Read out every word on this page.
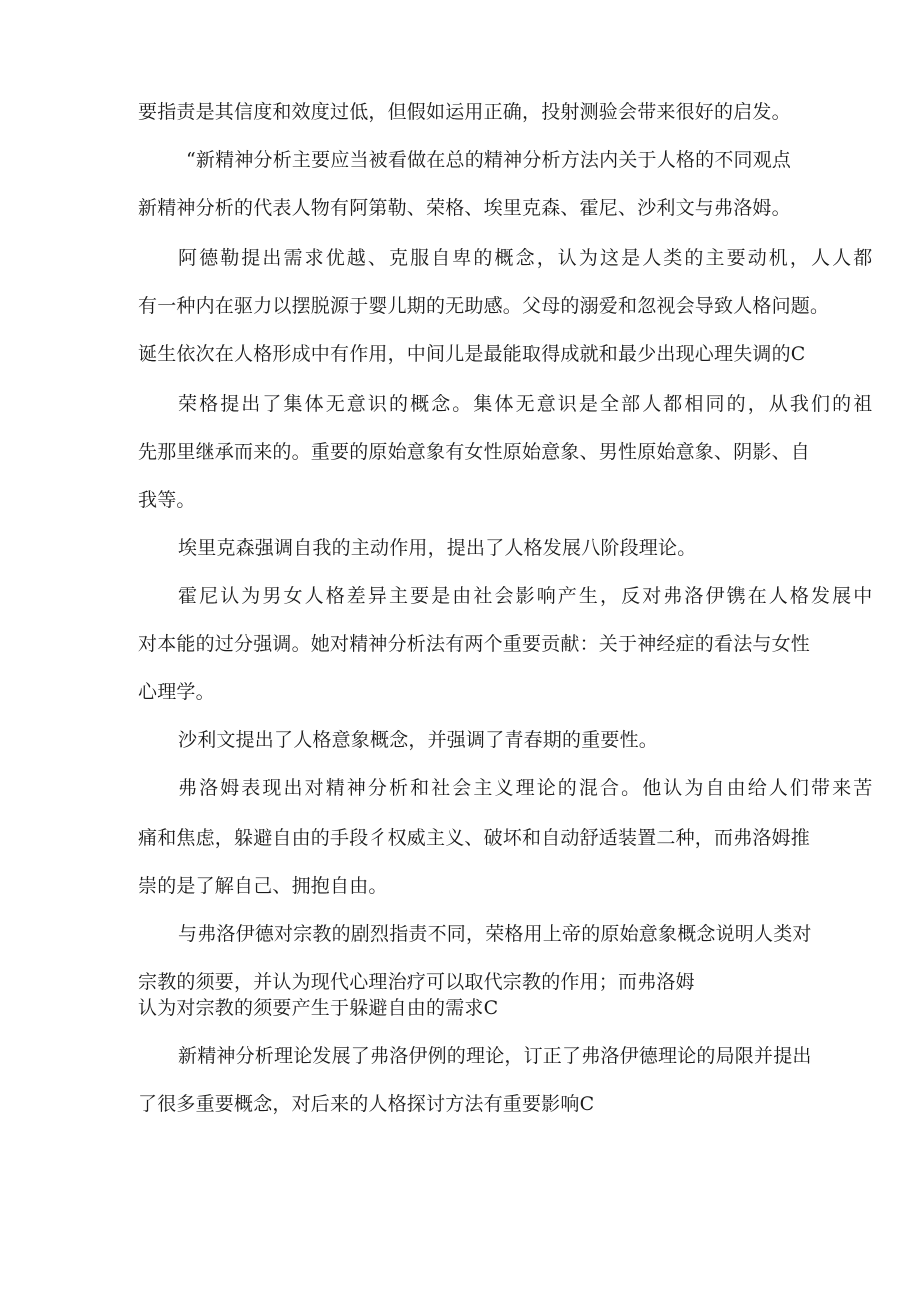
要指责是其信度和效度过低，但假如运用正确，投射测验会带来很好的启发。
“新精神分析主要应当被看做在总的精神分析方法内关于人格的不同观点
新精神分析的代表人物有阿第勒、荣格、埃里克森、霍尼、沙利文与弗洛姆。
阿德勒提出需求优越、克服自卑的概念，认为这是人类的主要动机，人人都
有一种内在驱力以摆脱源于婴儿期的无助感。父母的溺爱和忽视会导致人格问题。
诞生依次在人格形成中有作用，中间儿是最能取得成就和最少出现心理失调的C
荣格提出了集体无意识的概念。集体无意识是全部人都相同的，从我们的祖
先那里继承而来的。重要的原始意象有女性原始意象、男性原始意象、阴影、自
我等。
埃里克森强调自我的主动作用，提出了人格发展八阶段理论。
霍尼认为男女人格差异主要是由社会影响产生，反对弗洛伊镌在人格发展中
对本能的过分强调。她对精神分析法有两个重要贡献：关于神经症的看法与女性
心理学。
沙利文提出了人格意象概念，并强调了青春期的重要性。
弗洛姆表现出对精神分析和社会主义理论的混合。他认为自由给人们带来苦
痛和焦虑，躲避自由的手段彳权威主义、破坏和自动舒适装置二种，而弗洛姆推
崇的是了解自己、拥抱自由。
与弗洛伊德对宗教的剧烈指责不同，荣格用上帝的原始意象概念说明人类对
宗教的须要，并认为现代心理治疗可以取代宗教的作用；而弗洛姆
认为对宗教的须要产生于躲避自由的需求C
新精神分析理论发展了弗洛伊例的理论，订正了弗洛伊德理论的局限并提出
了很多重要概念，对后来的人格探讨方法有重要影响C
